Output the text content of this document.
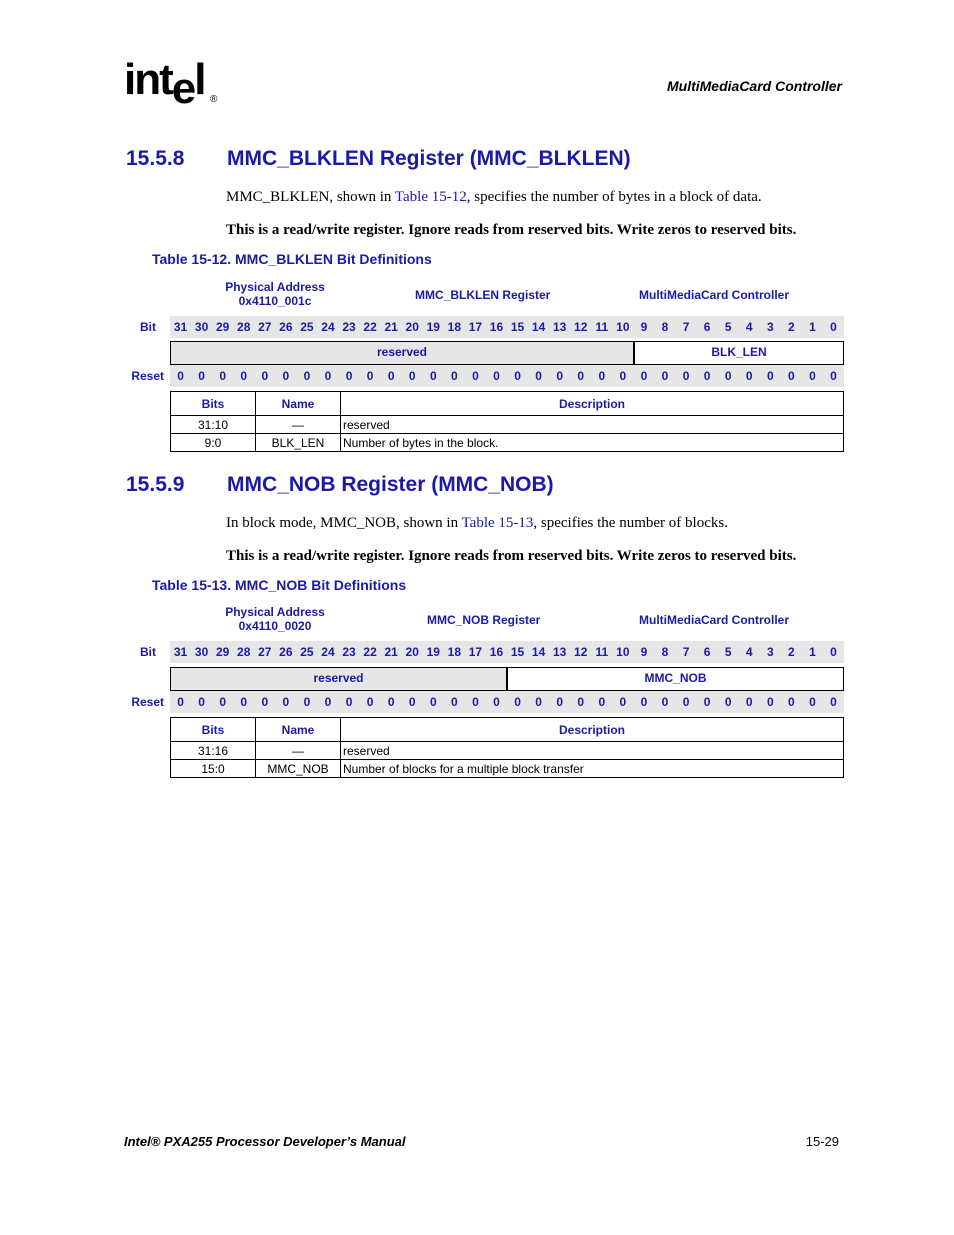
intel ®
MultiMediaCard Controller
15.5.8 MMC_BLKLEN Register (MMC_BLKLEN)
MMC_BLKLEN, shown in Table 15-12, specifies the number of bytes in a block of data.
This is a read/write register. Ignore reads from reserved bits. Write zeros to reserved bits.
Table 15-12. MMC_BLKLEN Bit Definitions
Physical Address
0x4110_001c	MMC_BLKLEN Register	MultiMediaCard Controller
Bit	31 30 29 28 27 26 25 24 23 22 21 20 19 18 17 16 15 14 13 12 11 10 9	8	7	6	5	4	3	2	1	0
reserved	BLK_LEN
Reset	0	0	0	0	0	0	0	0	0	0	0	0	0	0	0	0	0	0	0	0	0	0	0	0	0	0	0	0	0	0	0	0
Bits	Name	Description
31:10	—	reserved
9:0	BLK_LEN	Number of bytes in the block.
15.5.9 MMC_NOB Register (MMC_NOB)
In block mode, MMC_NOB, shown in Table 15-13, specifies the number of blocks.
This is a read/write register. Ignore reads from reserved bits. Write zeros to reserved bits.
Table 15-13. MMC_NOB Bit Definitions
Physical Address
0x4110_0020	MMC_NOB Register	MultiMediaCard Controller
Bit	31 30 29 28 27 26 25 24 23 22 21 20 19 18 17 16 15 14 13 12 11 10 9	8	7	6	5	4	3	2	1	0
reserved	MMC_NOB
Reset	0	0	0	0	0	0	0	0	0	0	0	0	0	0	0	0	0	0	0	0	0	0	0	0	0	0	0	0	0	0	0	0
Bits	Name	Description
31:16	—	reserved
15:0	MMC_NOB	Number of blocks for a multiple block transfer
Intel® PXA255 Processor Developer’s Manual	15-29
